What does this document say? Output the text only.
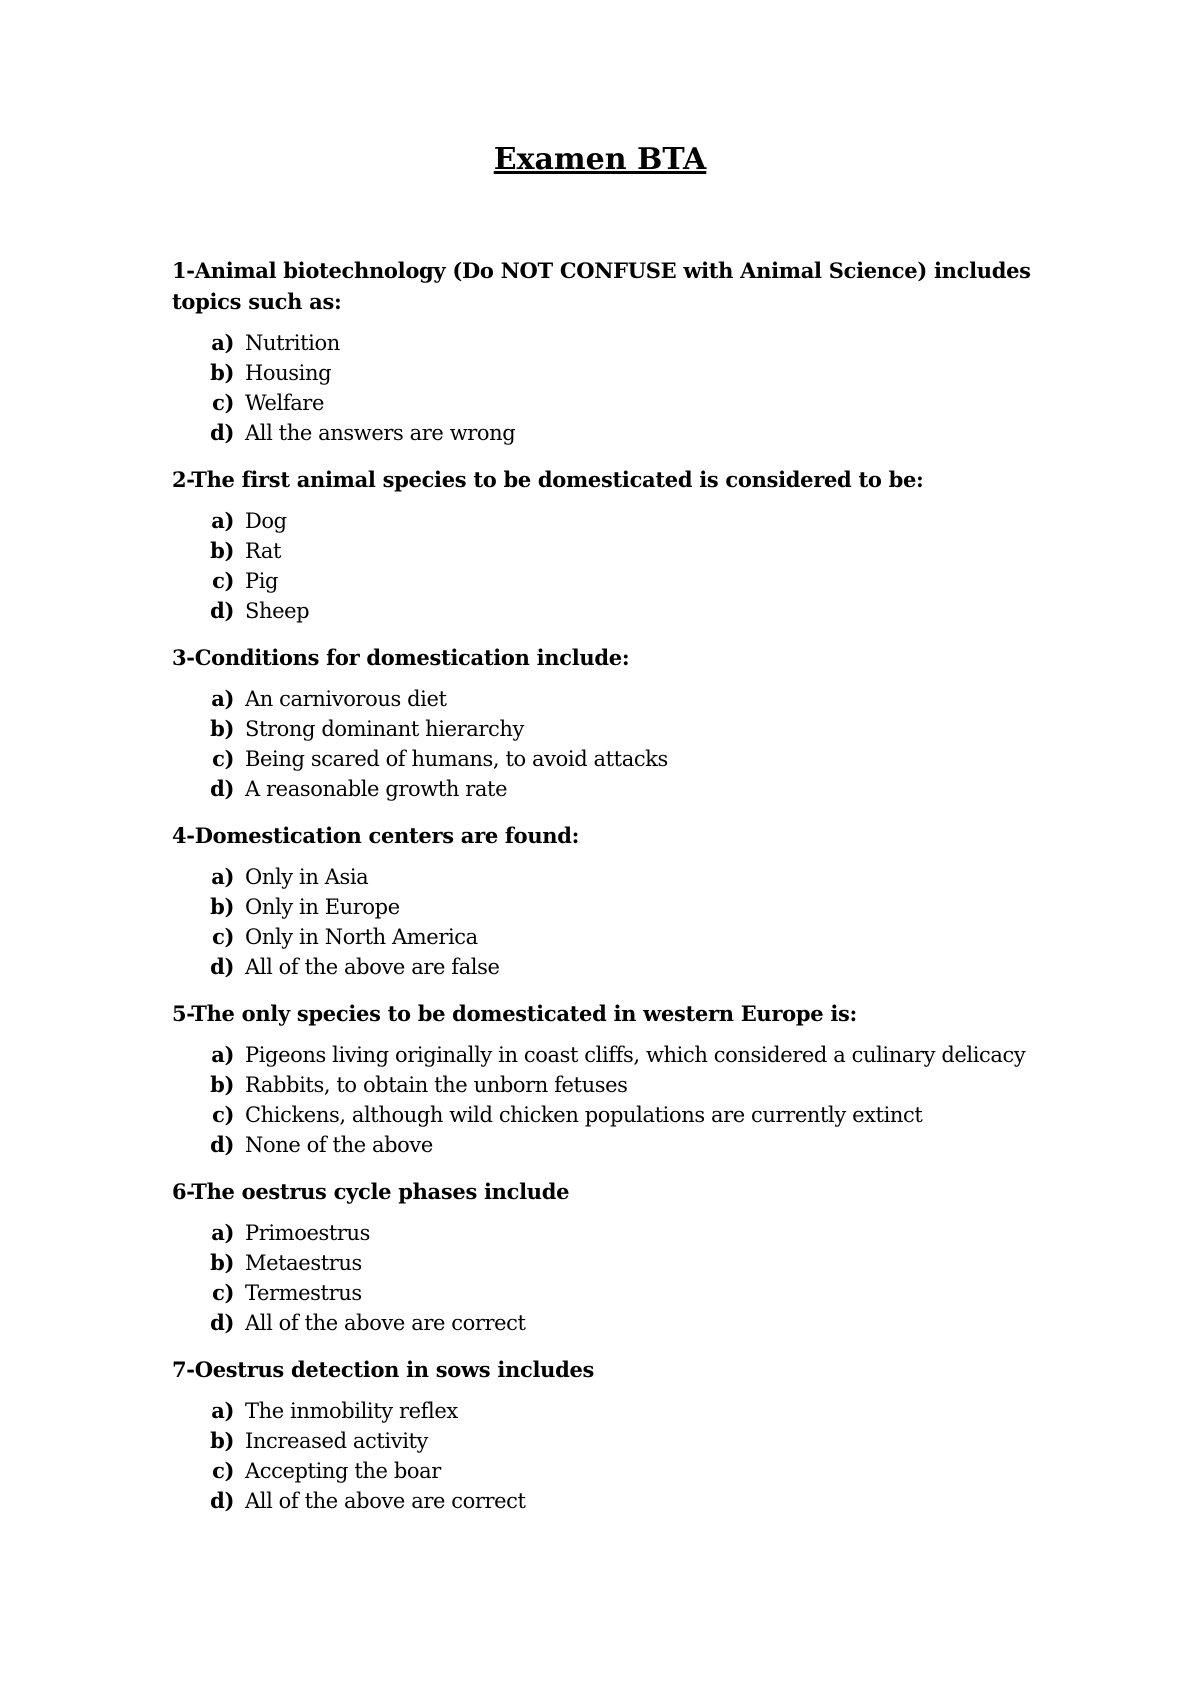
Examen BTA
1-Animal biotechnology (Do NOT CONFUSE with Animal Science) includes topics such as:
a) Nutrition
b) Housing
c) Welfare
d) All the answers are wrong
2-The first animal species to be domesticated is considered to be:
a) Dog
b) Rat
c) Pig
d) Sheep
3-Conditions for domestication include:
a) An carnivorous diet
b) Strong dominant hierarchy
c) Being scared of humans, to avoid attacks
d) A reasonable growth rate
4-Domestication centers are found:
a) Only in Asia
b) Only in Europe
c) Only in North America
d) All of the above are false
5-The only species to be domesticated in western Europe is:
a) Pigeons living originally in coast cliffs, which considered a culinary delicacy
b) Rabbits, to obtain the unborn fetuses
c) Chickens, although wild chicken populations are currently extinct
d) None of the above
6-The oestrus cycle phases include
a) Primoestrus
b) Metaestrus
c) Termestrus
d) All of the above are correct
7-Oestrus detection in sows includes
a) The inmobility reflex
b) Increased activity
c) Accepting the boar
d) All of the above are correct
